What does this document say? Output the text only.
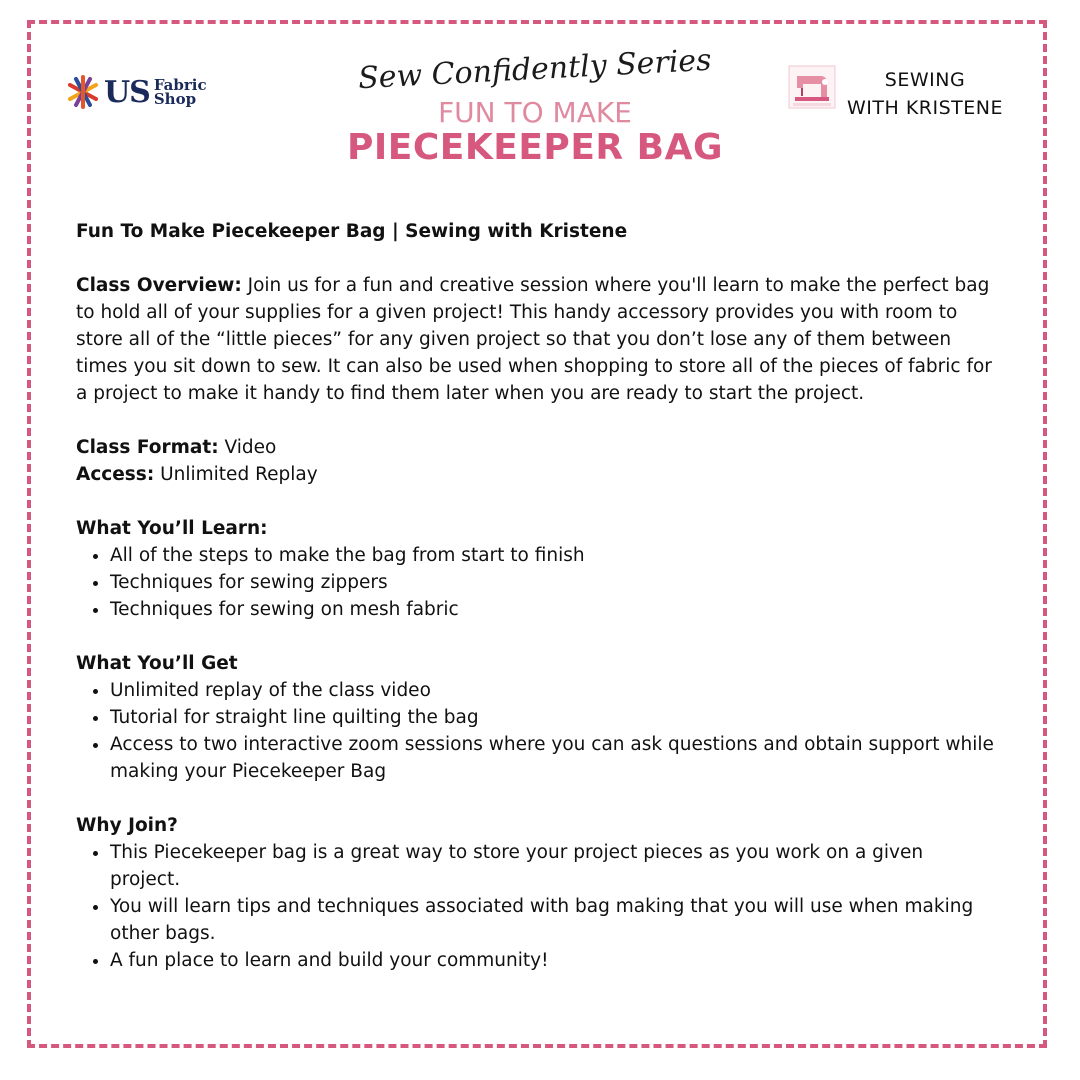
US Fabric
Shop
Sew Confidently Series
FUN TO MAKE
PIECEKEEPER BAG
SEWING
WITH KRISTENE

Fun To Make Piecekeeper Bag | Sewing with Kristene

Class Overview: Join us for a fun and creative session where you'll learn to make the perfect bag to hold all of your supplies for a given project! This handy accessory provides you with room to store all of the “little pieces” for any given project so that you don’t lose any of them between times you sit down to sew. It can also be used when shopping to store all of the pieces of fabric for a project to make it handy to find them later when you are ready to start the project.

Class Format: Video

Access: Unlimited Replay

What You’ll Learn:

• All of the steps to make the bag from start to finish
• Techniques for sewing zippers
• Techniques for sewing on mesh fabric

What You’ll Get

• Unlimited replay of the class video
• Tutorial for straight line quilting the bag
• Access to two interactive zoom sessions where you can ask questions and obtain support while making your Piecekeeper Bag

Why Join?

• This Piecekeeper bag is a great way to store your project pieces as you work on a given project.
• You will learn tips and techniques associated with bag making that you will use when making other bags.
• A fun place to learn and build your community!
